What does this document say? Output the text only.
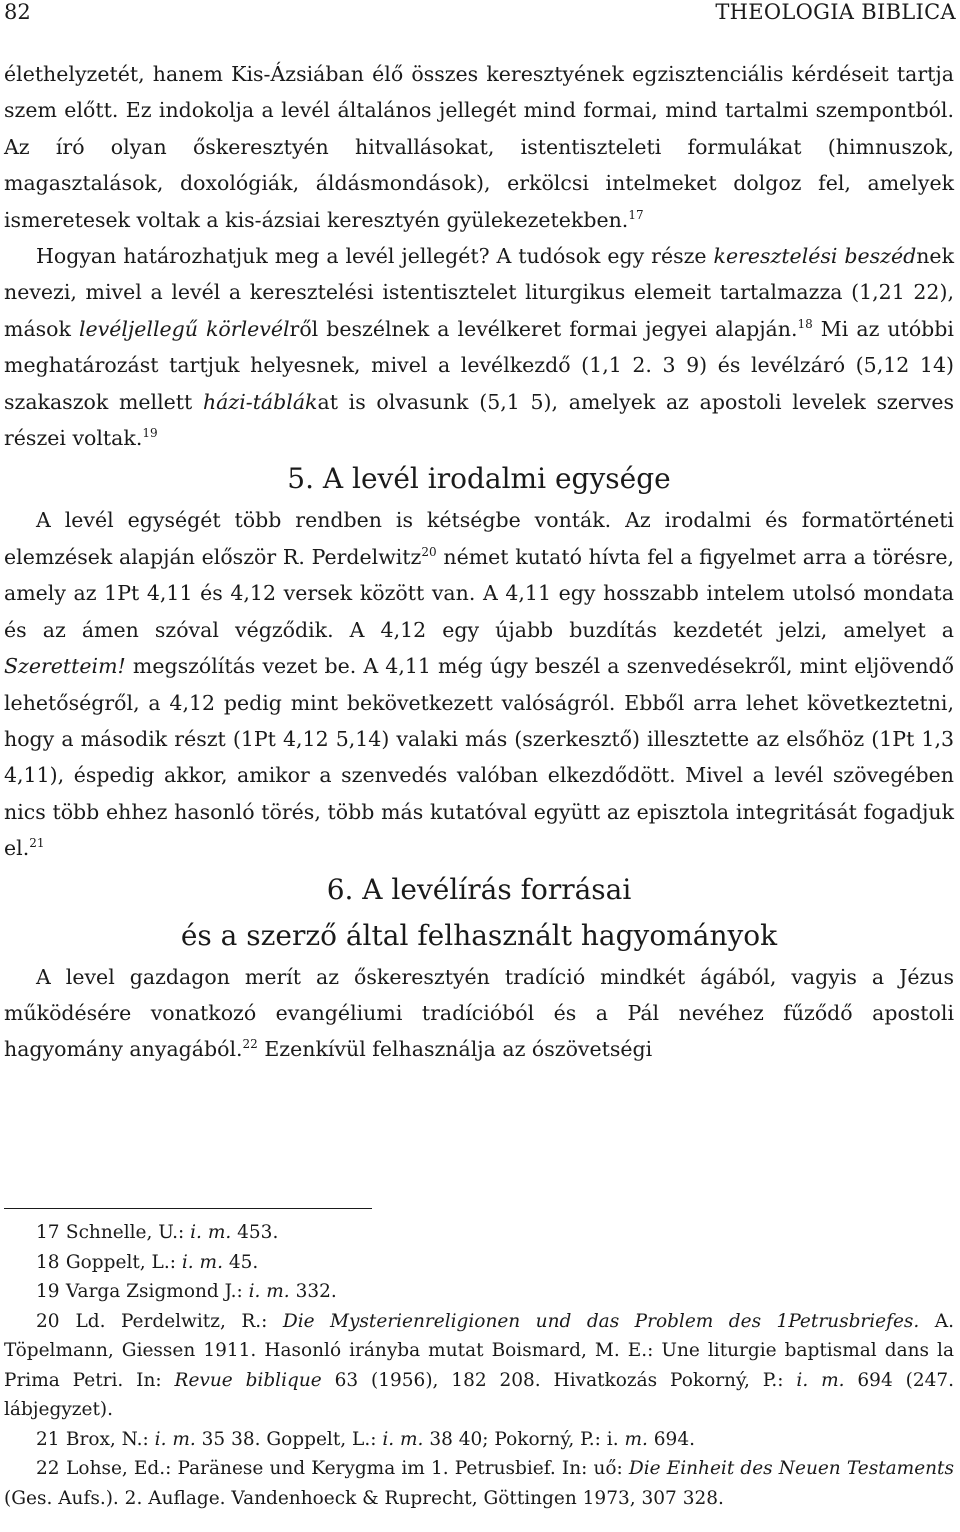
82	THEOLOGIA BIBLICA

élethelyzetét, hanem Kis-Ázsiában élő összes keresztyének egzisztenciális kérdéseit tartja szem előtt. Ez indokolja a levél általános jellegét mind formai, mind tartalmi szempontból. Az író olyan őskeresztyén hitvallásokat, istentiszteleti formulákat (himnuszok, magasztalások, doxológiák, áldásmondások), erkölcsi intelmeket dolgoz fel, amelyek ismeretesek voltak a kis-ázsiai keresztyén gyülekezetekben.$^{17}$

Hogyan határozhatjuk meg a levél jellegét? A tudósok egy része keresztelési beszédnek nevezi, mivel a levél a keresztelési istentisztelet liturgikus elemeit tartalmazza (1,21 22), mások levéljellegű körlevélről beszélnek a levélkeret formai jegyei alapján.$^{18}$ Mi az utóbbi meghatározást tartjuk helyesnek, mivel a levélkezdő (1,1 2. 3 9) és levélzáró (5,12 14) szakaszok mellett házi-táblákat is olvasunk (5,1 5), amelyek az apostoli levelek szerves részei voltak.$^{19}$

5. A levél irodalmi egysége

A levél egységét több rendben is kétségbe vonták. Az irodalmi és formatörténeti elemzések alapján először R. Perdelwitz$^{20}$ német kutató hívta fel a figyelmet arra a törésre, amely az 1Pt 4,11 és 4,12 versek között van. A 4,11 egy hosszabb intelem utolsó mondata és az ámen szóval végződik. A 4,12 egy újabb buzdítás kezdetét jelzi, amelyet a Szeretteim! megszólítás vezet be. A 4,11 még úgy beszél a szenvedésekről, mint eljövendő lehetőségről, a 4,12 pedig mint bekövetkezett valóságról. Ebből arra lehet következtetni, hogy a második részt (1Pt 4,12 5,14) valaki más (szerkesztő) illesztette az elsőhöz (1Pt 1,3 4,11), éspedig akkor, amikor a szenvedés valóban elkezdődött. Mivel a levél szövegében nics több ehhez hasonló törés, több más kutatóval együtt az episztola integritását fogadjuk el.$^{21}$

6. A levélírás forrásai
és a szerző által felhasznált hagyományok

A level gazdagon merít az őskeresztyén tradíció mindkét ágából, vagyis a Jézus működésére vonatkozó evangéliumi tradícióból és a Pál nevéhez fűződő apostoli hagyomány anyagából.$^{22}$ Ezenkívül felhasználja az ószövetségi

17 Schnelle, U.: i. m. 453.

18 Goppelt, L.: i. m. 45.

19 Varga Zsigmond J.: i. m. 332.

20 Ld. Perdelwitz, R.: Die Mysterienreligionen und das Problem des 1Petrusbriefes. A. Töpelmann, Giessen 1911. Hasonló irányba mutat Boismard, M. E.: Une liturgie baptismal dans la Prima Petri. In: Revue biblique 63 (1956), 182 208. Hivatkozás Pokorný, P.: i. m. 694 (247. lábjegyzet).

21 Brox, N.: i. m. 35 38. Goppelt, L.: i. m. 38 40; Pokorný, P.: i. m. 694.

22 Lohse, Ed.: Paränese und Kerygma im 1. Petrusbief. In: uő: Die Einheit des Neuen Testaments (Ges. Aufs.). 2. Auflage. Vandenhoeck & Ruprecht, Göttingen 1973, 307 328.
